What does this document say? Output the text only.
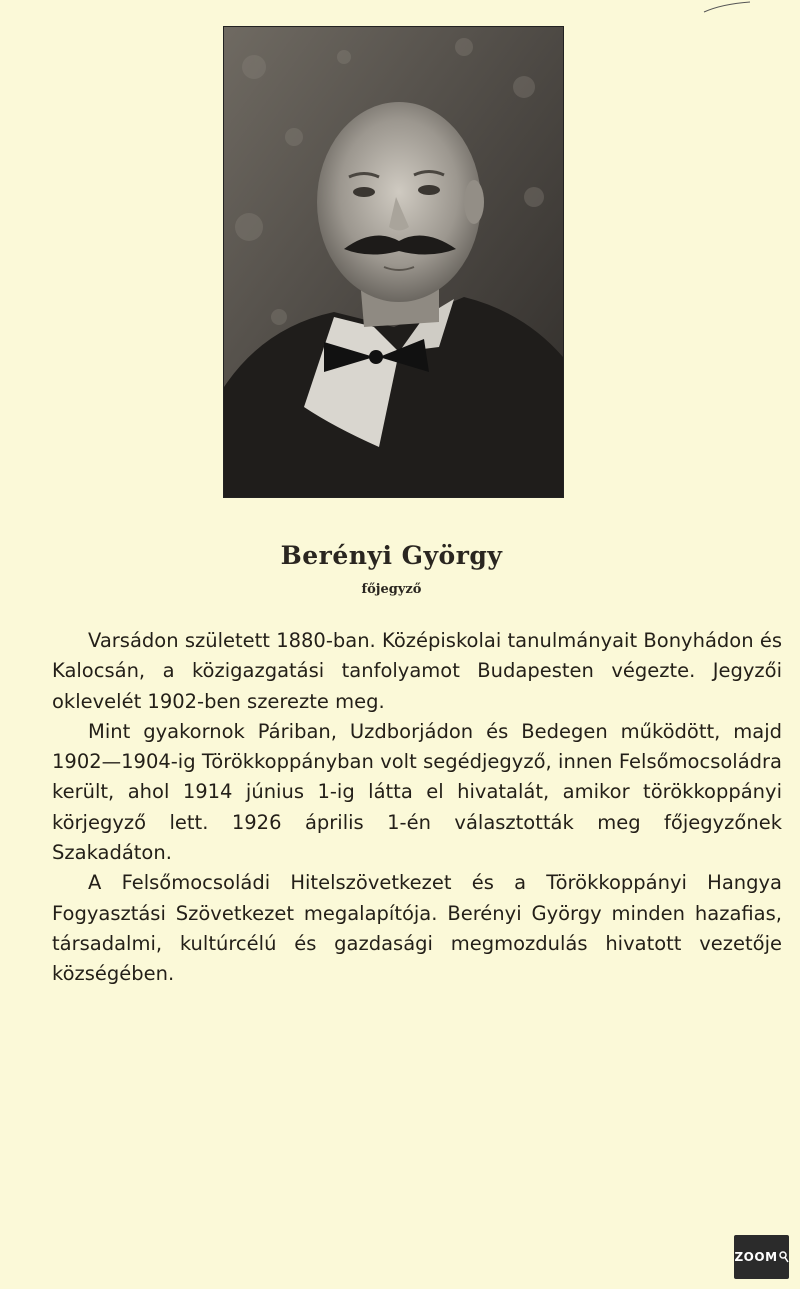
Berényi György
főjegyző

Varsádon született 1880-ban. Középiskolai tanulmányait Bonyhádon és Kalocsán, a közigazgatási tanfolyamot Budapesten végezte. Jegyzői oklevelét 1902-ben szerezte meg.

Mint gyakornok Páriban, Uzdborjádon és Bedegen működött, majd 1902—1904-ig Törökkoppányban volt segédjegyző, innen Felsőmocsoládra került, ahol 1914 június 1-ig látta el hivatalát, amikor törökkoppányi körjegyző lett. 1926 április 1-én választották meg főjegyzőnek Szakadáton.

A Felsőmocsoládi Hitelszövetkezet és a Törökkoppányi Hangya Fogyasztási Szövetkezet megalapítója. Berényi György minden hazafias, társadalmi, kultúrcélú és gazdasági megmozdulás hivatott vezetője községében.

ZOOM
